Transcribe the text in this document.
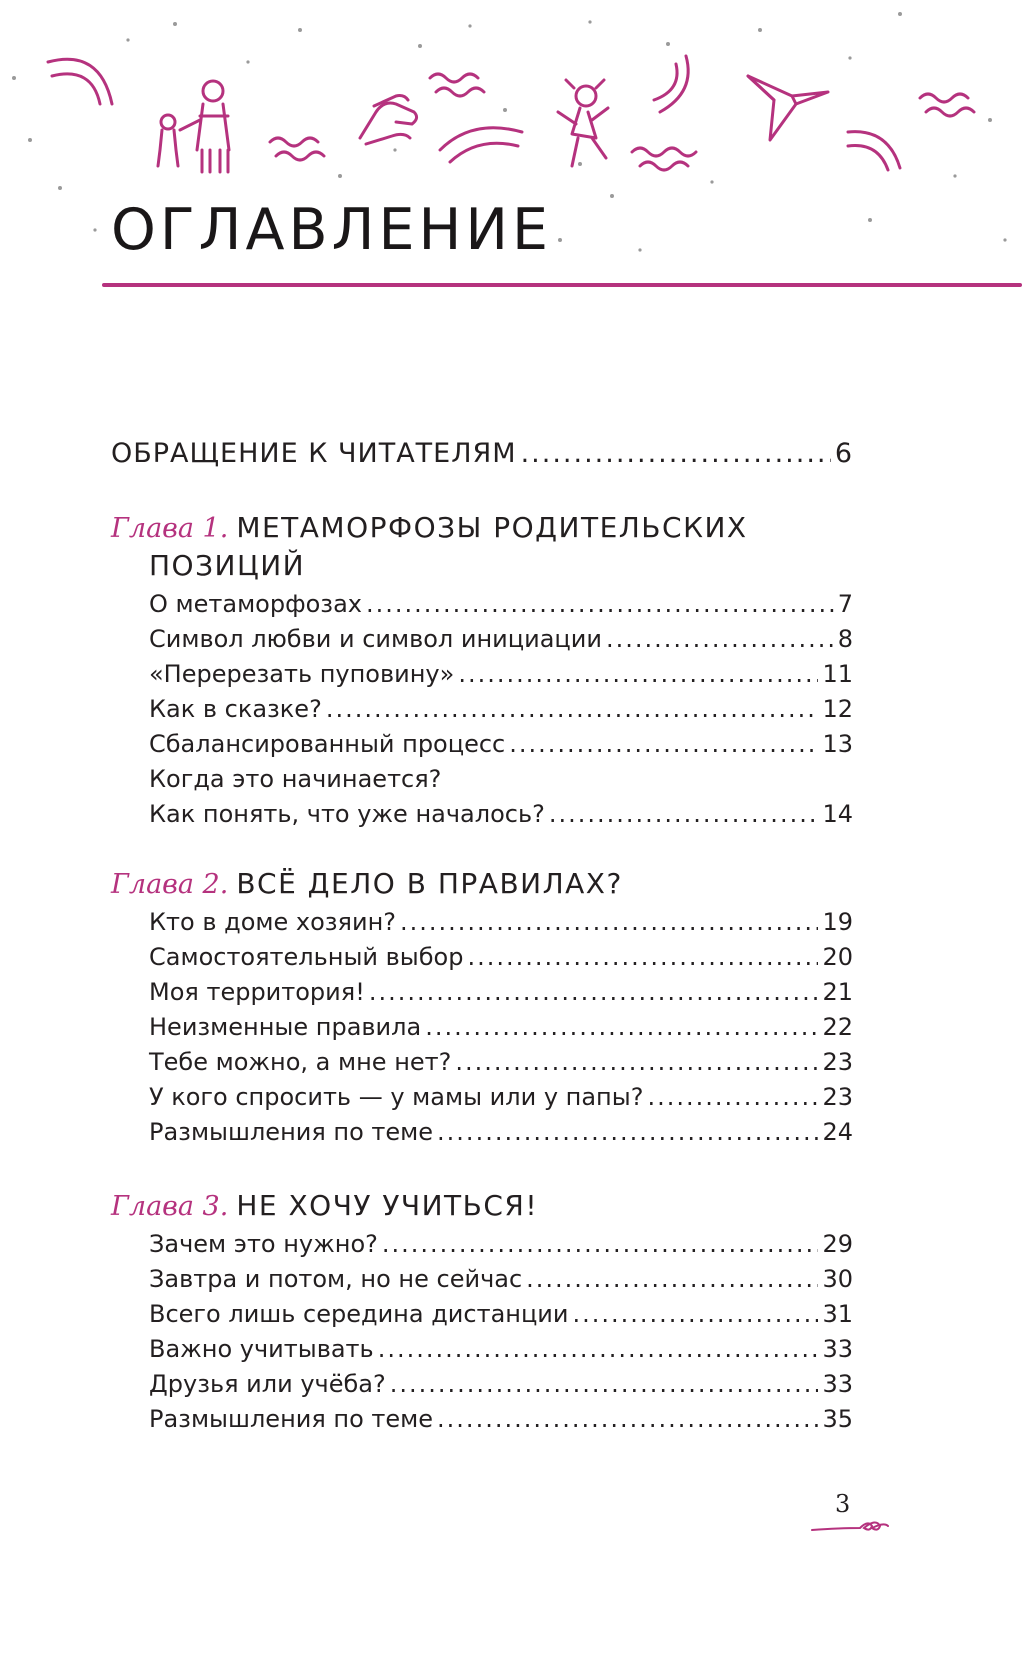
ОГЛАВЛЕНИЕ
ОБРАЩЕНИЕ К ЧИТАТЕЛЯМ .....	6
Глава 1. МЕТАМОРФОЗЫ РОДИТЕЛЬСКИХ
ПОЗИЦИЙ
О метаморфозах .....	7
Символ любви и символ инициации .....	8
«Перерезать пуповину» .....	11
Как в сказке? .....	12
Сбалансированный процесс .....	13
Когда это начинается?
Как понять, что уже началось? .....	14
Глава 2. ВСЁ ДЕЛО В ПРАВИЛАХ?
Кто в доме хозяин? .....	19
Самостоятельный выбор .....	20
Моя территория! .....	21
Неизменные правила .....	22
Тебе можно, а мне нет? .....	23
У кого спросить — у мамы или у папы? .....	23
Размышления по теме .....	24
Глава 3. НЕ ХОЧУ УЧИТЬСЯ!
Зачем это нужно? .....	29
Завтра и потом, но не сейчас .....	30
Всего лишь середина дистанции .....	31
Важно учитывать .....	33
Друзья или учёба? .....	33
Размышления по теме .....	35
3
